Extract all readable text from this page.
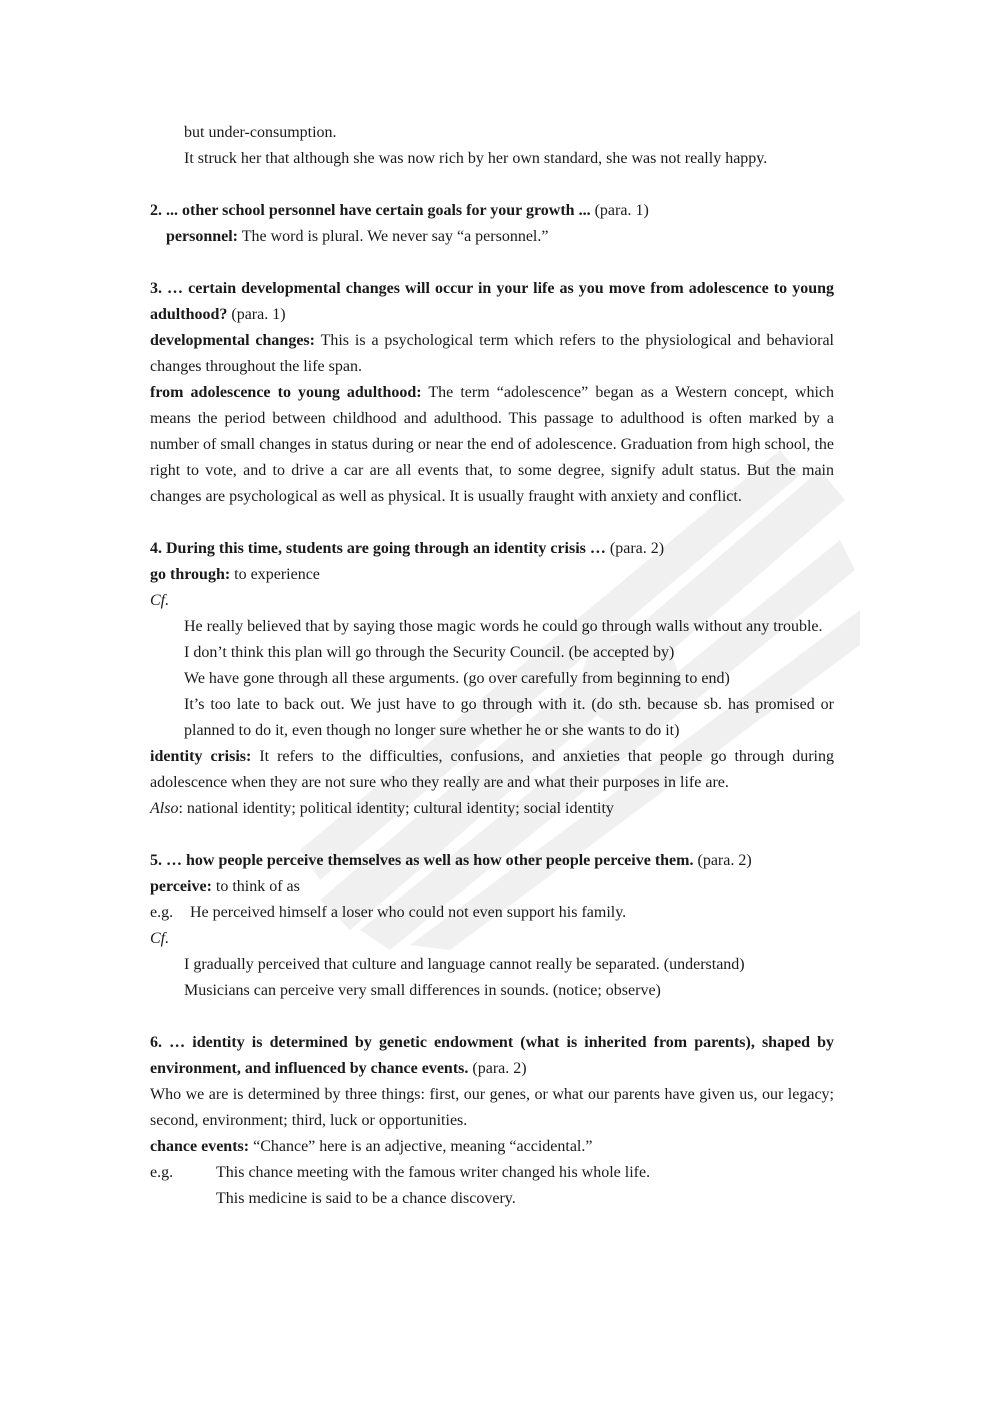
but under-consumption.

It struck her that although she was now rich by her own standard, she was not really happy.

2. ... other school personnel have certain goals for your growth ... (para. 1)

personnel: The word is plural. We never say “a personnel.”

3. … certain developmental changes will occur in your life as you move from adolescence to young adulthood? (para. 1)

developmental changes: This is a psychological term which refers to the physiological and behavioral changes throughout the life span.

from adolescence to young adulthood: The term “adolescence” began as a Western concept, which means the period between childhood and adulthood. This passage to adulthood is often marked by a number of small changes in status during or near the end of adolescence. Graduation from high school, the right to vote, and to drive a car are all events that, to some degree, signify adult status. But the main changes are psychological as well as physical. It is usually fraught with anxiety and conflict.

4. During this time, students are going through an identity crisis … (para. 2)

go through: to experience

Cf.

He really believed that by saying those magic words he could go through walls without any trouble.

I don’t think this plan will go through the Security Council. (be accepted by)

We have gone through all these arguments. (go over carefully from beginning to end)

It’s too late to back out. We just have to go through with it. (do sth. because sb. has promised or planned to do it, even though no longer sure whether he or she wants to do it)

identity crisis: It refers to the difficulties, confusions, and anxieties that people go through during adolescence when they are not sure who they really are and what their purposes in life are.

Also: national identity; political identity; cultural identity; social identity

5. … how people perceive themselves as well as how other people perceive them. (para. 2)

perceive: to think of as

e.g.	He perceived himself a loser who could not even support his family.

Cf.

I gradually perceived that culture and language cannot really be separated. (understand)

Musicians can perceive very small differences in sounds. (notice; observe)

6. … identity is determined by genetic endowment (what is inherited from parents), shaped by environment, and influenced by chance events. (para. 2)

Who we are is determined by three things: first, our genes, or what our parents have given us, our legacy; second, environment; third, luck or opportunities.

chance events: “Chance” here is an adjective, meaning “accidental.”

e.g.	This chance meeting with the famous writer changed his whole life.

This medicine is said to be a chance discovery.
